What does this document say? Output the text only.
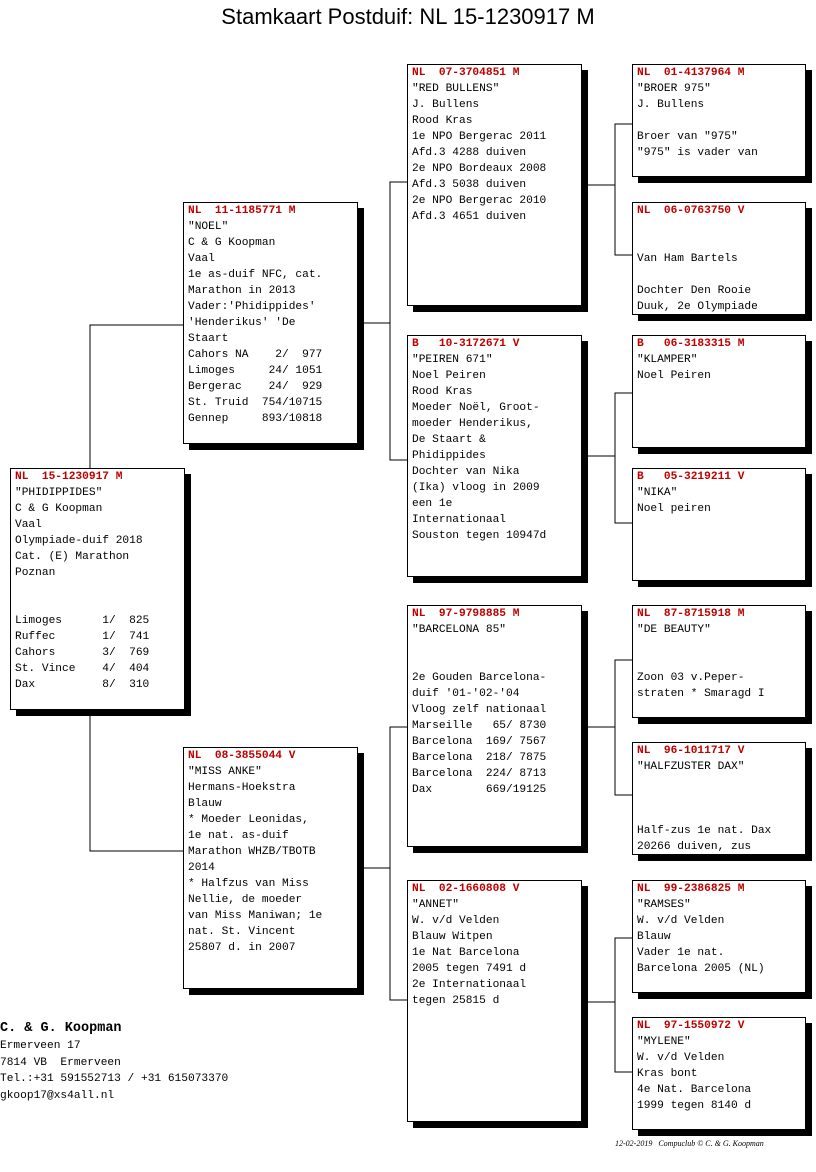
Stamkaart Postduif: NL 15-1230917 M
NL  15-1230917 M
"PHIDIPPIDES"
C & G Koopman
Vaal
Olympiade-duif 2018
Cat. (E) Marathon
Poznan
Limoges      1/  825
Ruffec       1/  741
Cahors       3/  769
St. Vince    4/  404
Dax          8/  310
NL  11-1185771 M
"NOEL"
C & G Koopman
Vaal
1e as-duif NFC, cat.
Marathon in 2013
Vader:'Phidippides'
'Henderikus' 'De
Staart
Cahors NA    2/  977
Limoges     24/ 1051
Bergerac    24/  929
St. Truid  754/10715
Gennep     893/10818
NL  08-3855044 V
"MISS ANKE"
Hermans-Hoekstra
Blauw
* Moeder Leonidas,
1e nat. as-duif
Marathon WHZB/TBOTB
2014
* Halfzus van Miss
Nellie, de moeder
van Miss Maniwan; 1e
nat. St. Vincent
25807 d. in 2007
NL  07-3704851 M
"RED BULLENS"
J. Bullens
Rood Kras
1e NPO Bergerac 2011
Afd.3 4288 duiven
2e NPO Bordeaux 2008
Afd.3 5038 duiven
2e NPO Bergerac 2010
Afd.3 4651 duiven
B   10-3172671 V
"PEIREN 671"
Noel Peiren
Rood Kras
Moeder Noël, Groot-
moeder Henderikus,
De Staart &
Phidippides
Dochter van Nika
(Ika) vloog in 2009
een 1e
Internationaal
Souston tegen 10947d
NL  97-9798885 M
"BARCELONA 85"
2e Gouden Barcelona-
duif '01-'02-'04
Vloog zelf nationaal
Marseille   65/ 8730
Barcelona  169/ 7567
Barcelona  218/ 7875
Barcelona  224/ 8713
Dax        669/19125
NL  02-1660808 V
"ANNET"
W. v/d Velden
Blauw Witpen
1e Nat Barcelona
2005 tegen 7491 d
2e Internationaal
tegen 25815 d
NL  01-4137964 M
"BROER 975"
J. Bullens
Broer van "975"
"975" is vader van
NL  06-0763750 V
Van Ham Bartels
Dochter Den Rooie
Duuk, 2e Olympiade
B   06-3183315 M
"KLAMPER"
Noel Peiren
B   05-3219211 V
"NIKA"
Noel peiren
NL  87-8715918 M
"DE BEAUTY"
Zoon 03 v.Peper-
straten * Smaragd I
NL  96-1011717 V
"HALFZUSTER DAX"
Half-zus 1e nat. Dax
20266 duiven, zus
NL  99-2386825 M
"RAMSES"
W. v/d Velden
Blauw
Vader 1e nat.
Barcelona 2005 (NL)
NL  97-1550972 V
"MYLENE"
W. v/d Velden
Kras bont
4e Nat. Barcelona
1999 tegen 8140 d
C. & G. Koopman
Ermerveen 17
7814 VB  Ermerveen
Tel.:+31 591552713 / +31 615073370
gkoop17@xs4all.nl
12-02-2019   Compuclub © C. & G. Koopman
